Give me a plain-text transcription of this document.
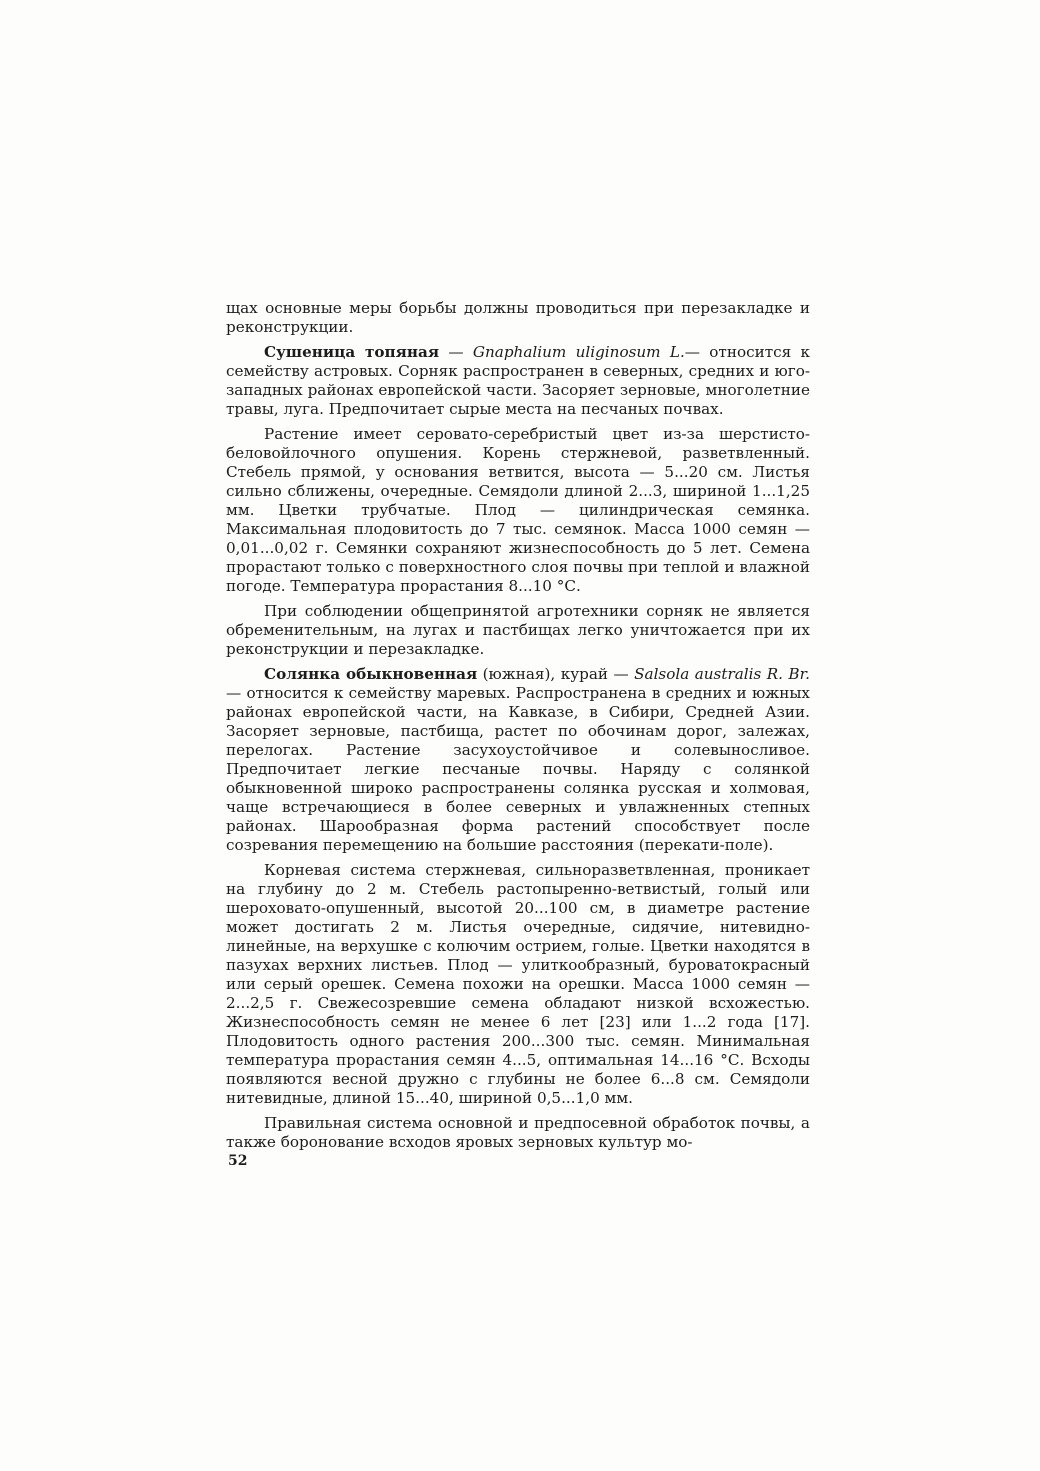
щах основные меры борьбы должны проводиться при перезакладке и реконструкции.

Сушеница топяная — Gnaphalium uliginosum L.— относится к семейству астровых. Сорняк распространен в северных, средних и юго-западных районах европейской части. Засоряет зерновые, многолетние травы, луга. Предпочитает сырые места на песчаных почвах.

Растение имеет серовато-серебристый цвет из-за шерстисто-беловойлочного опушения. Корень стержневой, разветвленный. Стебель прямой, у основания ветвится, высота — 5...20 см. Листья сильно сближены, очередные. Семядоли длиной 2...3, шириной 1...1,25 мм. Цветки трубчатые. Плод — цилиндрическая семянка. Максимальная плодовитость до 7 тыс. семянок. Масса 1000 семян — 0,01...0,02 г. Семянки сохраняют жизнеспособность до 5 лет. Семена прорастают только с поверхностного слоя почвы при теплой и влажной погоде. Температура прорастания 8...10 °С.

При соблюдении общепринятой агротехники сорняк не является обременительным, на лугах и пастбищах легко уничтожается при их реконструкции и перезакладке.

Солянка обыкновенная (южная), курай — Salsola australis R. Br.— относится к семейству маревых. Распространена в средних и южных районах европейской части, на Кавказе, в Сибири, Средней Азии. Засоряет зерновые, пастбища, растет по обочинам дорог, залежах, перелогах. Растение засухоустойчивое и солевыносливое. Предпочитает легкие песчаные почвы. Наряду с солянкой обыкновенной широко распространены солянка русская и холмовая, чаще встречающиеся в более северных и увлажненных степных районах. Шарообразная форма растений способствует после созревания перемещению на большие расстояния (перекати-поле).

Корневая система стержневая, сильноразветвленная, проникает на глубину до 2 м. Стебель растопыренно-ветвистый, голый или шероховато-опушенный, высотой 20...100 см, в диаметре растение может достигать 2 м. Листья очередные, сидячие, нитевидно-линейные, на верхушке с колючим острием, голые. Цветки находятся в пазухах верхних листьев. Плод — улиткообразный, буроватокрасный или серый орешек. Семена похожи на орешки. Масса 1000 семян — 2...2,5 г. Свежесозревшие семена обладают низкой всхожестью. Жизнеспособность семян не менее 6 лет [23] или 1...2 года [17]. Плодовитость одного растения 200...300 тыс. семян. Минимальная температура прорастания семян 4...5, оптимальная 14...16 °С. Всходы появляются весной дружно с глубины не более 6...8 см. Семядоли нитевидные, длиной 15...40, шириной 0,5...1,0 мм.

Правильная система основной и предпосевной обработок почвы, а также боронование всходов яровых зерновых культур мо-

52
